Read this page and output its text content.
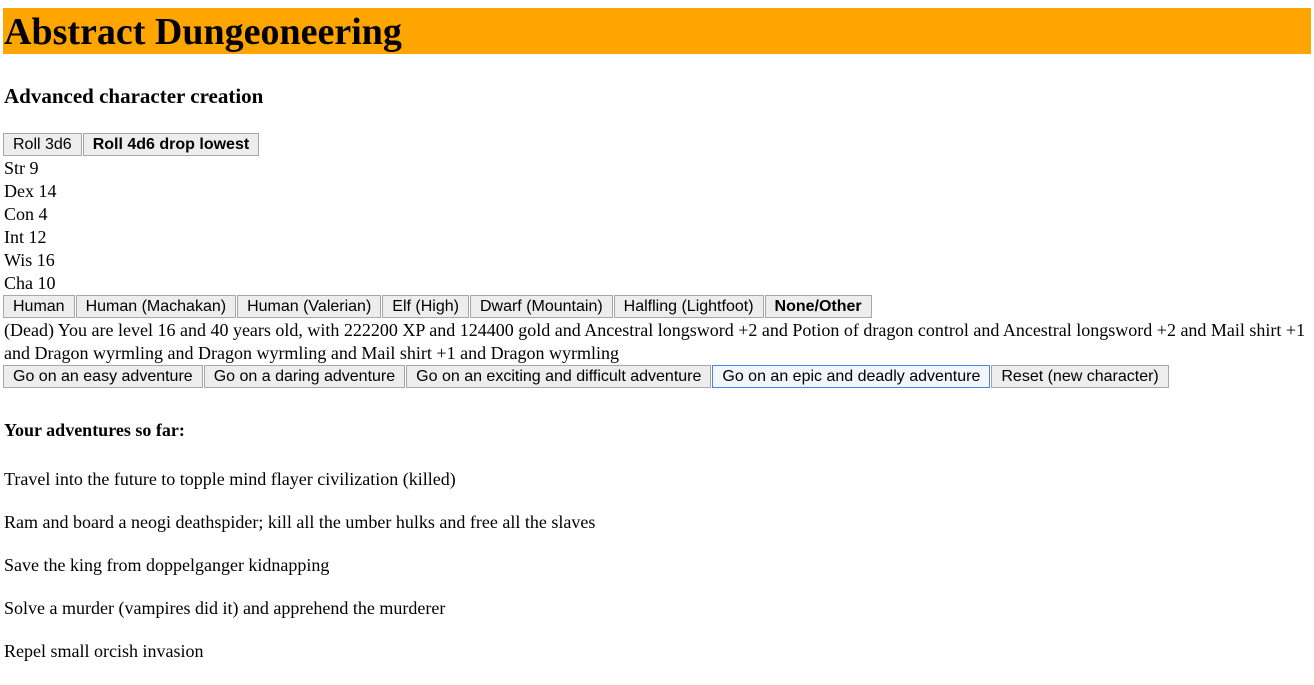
Abstract Dungeoneering
Advanced character creation
Roll 3d6	Roll 4d6 drop lowest
Str 9
Dex 14
Con 4
Int 12
Wis 16
Cha 10
Human	Human (Machakan)	Human (Valerian)	Elf (High)	Dwarf (Mountain)	Halfling (Lightfoot)	None/Other
(Dead) You are level 16 and 40 years old, with 222200 XP and 124400 gold and Ancestral longsword +2 and Potion of dragon control and Ancestral longsword +2 and Mail shirt +1 and Dragon wyrmling and Dragon wyrmling and Mail shirt +1 and Dragon wyrmling
Go on an easy adventure	Go on a daring adventure	Go on an exciting and difficult adventure	Go on an epic and deadly adventure	Reset (new character)
Your adventures so far:
Travel into the future to topple mind flayer civilization (killed)
Ram and board a neogi deathspider; kill all the umber hulks and free all the slaves
Save the king from doppelganger kidnapping
Solve a murder (vampires did it) and apprehend the murderer
Repel small orcish invasion
